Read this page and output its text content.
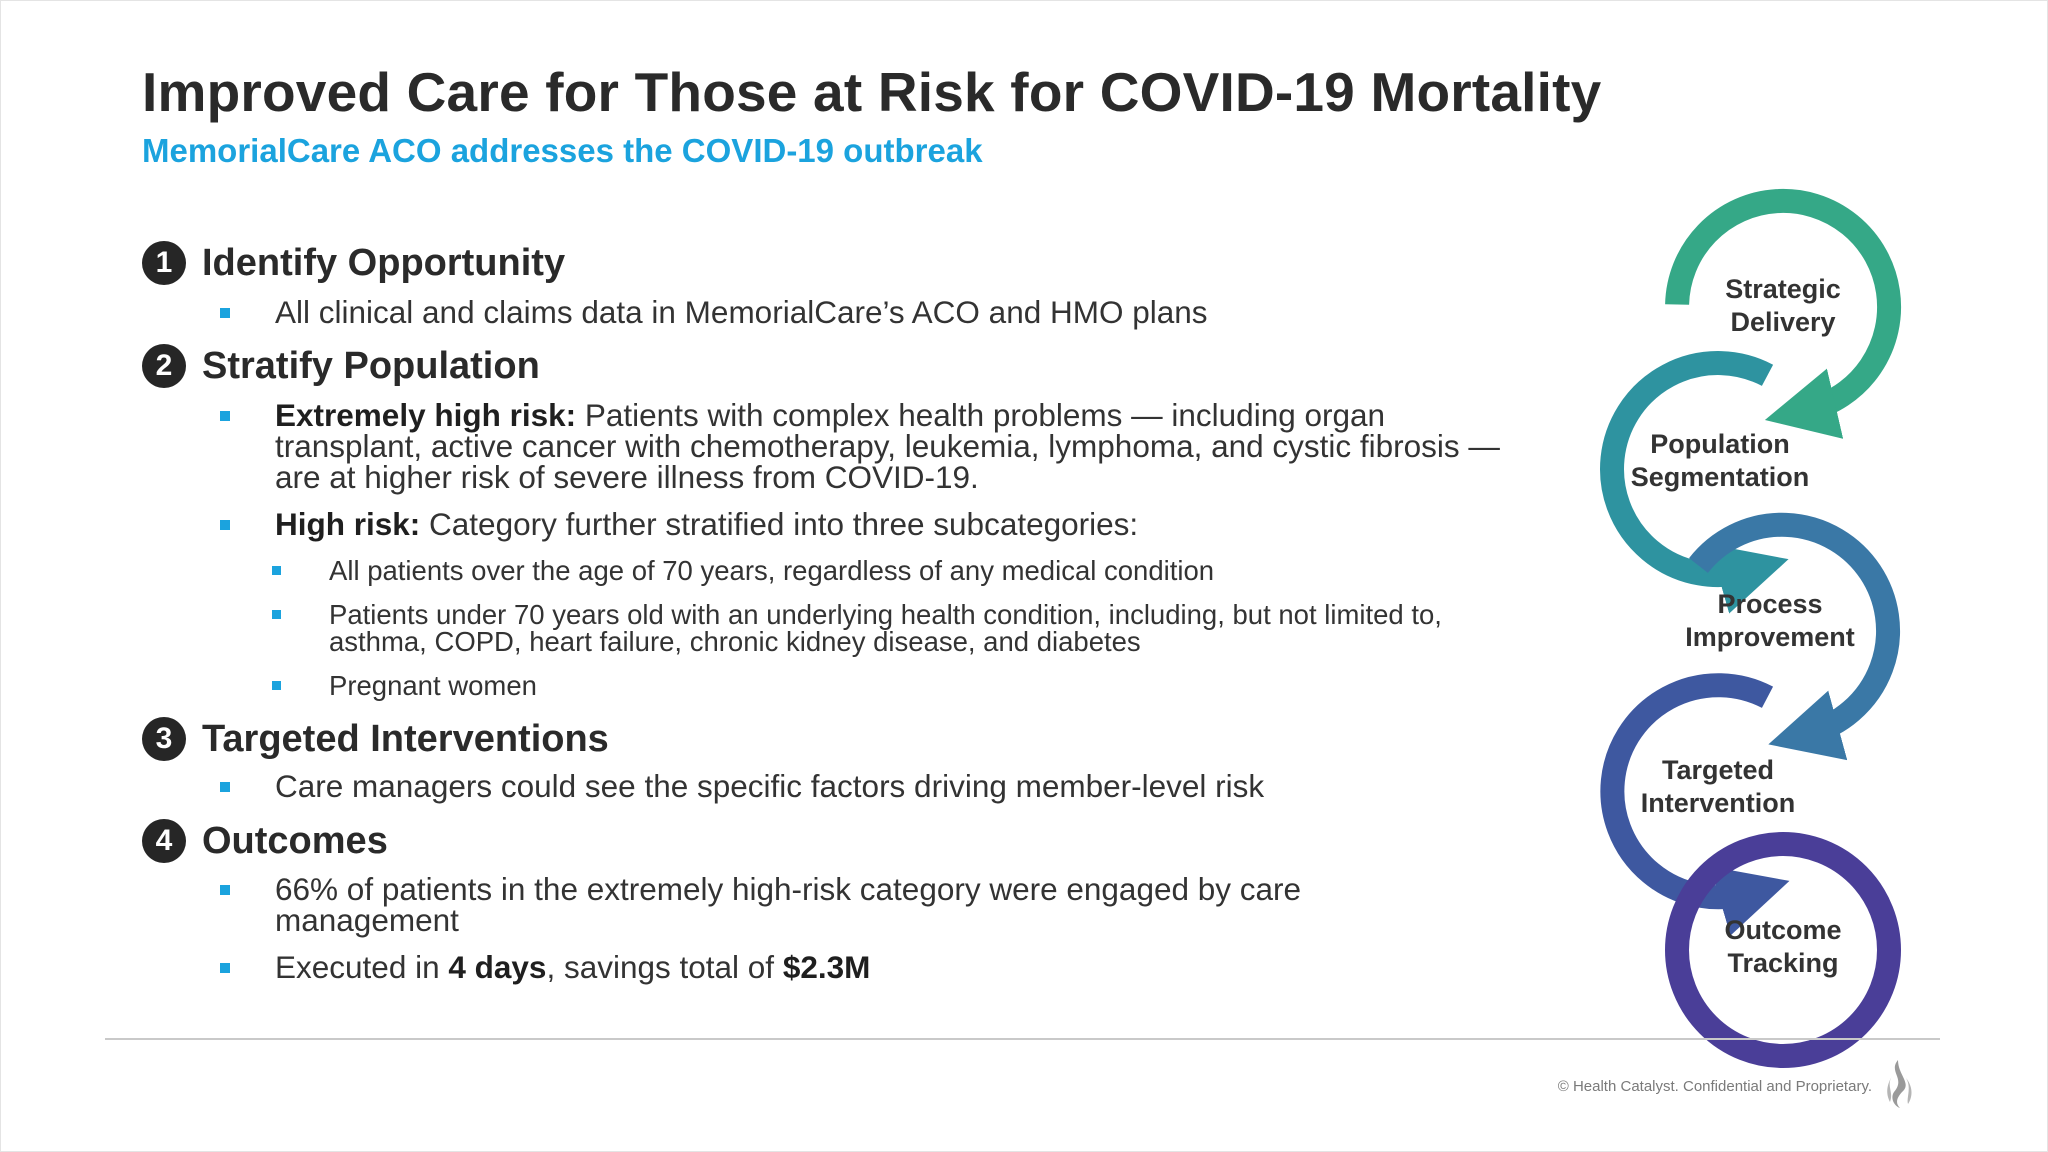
Improved Care for Those at Risk for COVID-19 Mortality
MemorialCare ACO addresses the COVID-19 outbreak
1 Identify Opportunity
All clinical and claims data in MemorialCare’s ACO and HMO plans
2 Stratify Population
Extremely high risk: Patients with complex health problems — including organ transplant, active cancer with chemotherapy, leukemia, lymphoma, and cystic fibrosis — are at higher risk of severe illness from COVID-19.
High risk: Category further stratified into three subcategories:
All patients over the age of 70 years, regardless of any medical condition
Patients under 70 years old with an underlying health condition, including, but not limited to, asthma, COPD, heart failure, chronic kidney disease, and diabetes
Pregnant women
3 Targeted Interventions
Care managers could see the specific factors driving member-level risk
4 Outcomes
66% of patients in the extremely high-risk category were engaged by care management
Executed in 4 days, savings total of $2.3M
Strategic
Delivery
Population
Segmentation
Process
Improvement
Targeted
Intervention
Outcome
Tracking
© Health Catalyst. Confidential and Proprietary.
